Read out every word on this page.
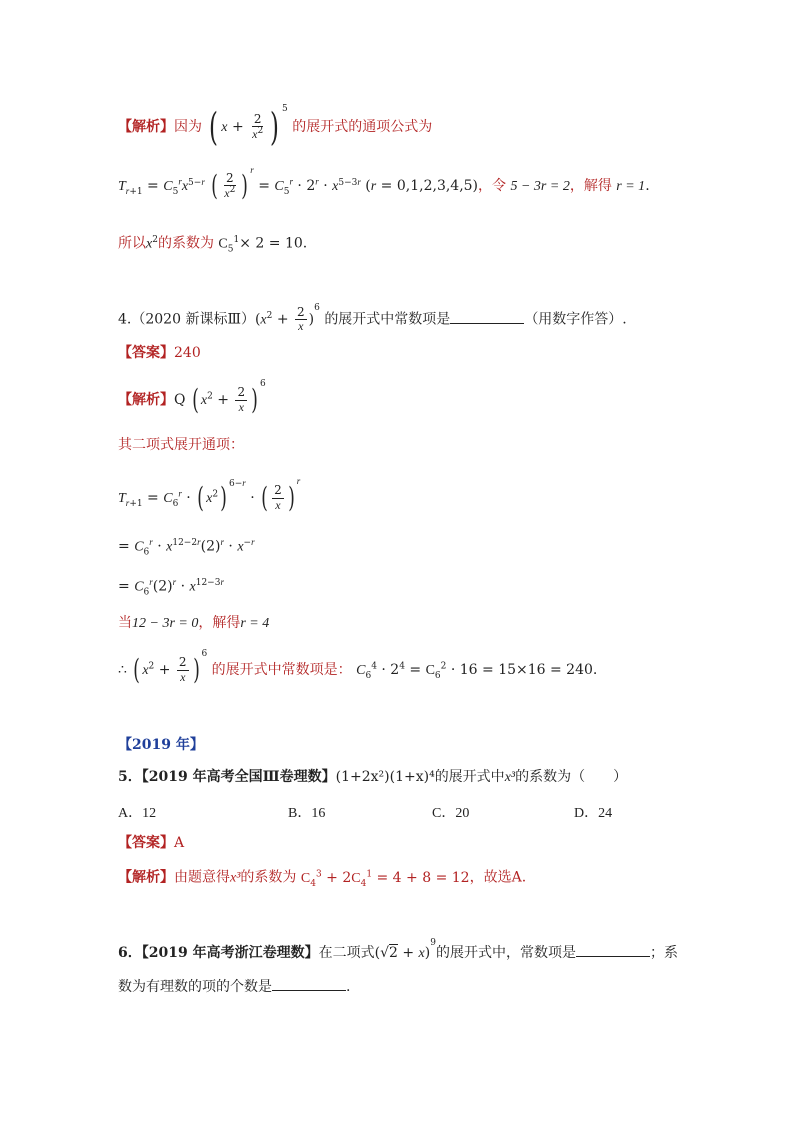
【解析】因为 ( $x + \frac{2}{x^2}$ ) $^5$ 的展开式的通项公式为
$T_{r+1} = C_5^rx^{5-r}$ ( $\frac{2}{x^2}$ ) $^r = C_5^r \cdot 2^r \cdot x^{5-3r}$ (r = 0,1,2,3,4,5)，令 5 − 3r = 2，解得 r = 1.
所以$x^2$的系数为 $C_5^1\times 2 = 10$.
4.（2020 新课标$Ⅲ)(x^2 + \frac{2}{x} )^6$ 的展开式中常数项是	（用数字作答）.
【答案】240
【解析】Q ( $x^2 + \frac{2}{x}$ ) $^6$
其二项式展开通项：
$T_{r+1} = C_6^r$ · ( $x^2$) $^{6-r}$ · ( $\frac{2}{x}$ ) $^r$
= $C_6^r \cdot x^{12-2r}(2)^r \cdot x^{-r}$
= $C_6^r(2)^r \cdot x^{12-3r}$
当12 − 3r = 0，解得r = 4
∴ ( $x^2 + \frac{2}{x}$ ) $^6$ 的展开式中常数项是： $C_6^4 \cdot 2^4 = C_6^2 \cdot 16 = 15\times 16 = 240$.
【2019 年】
5．【2019 年高考全国Ⅲ卷理数】(1+2x²)(1+x)⁴的展开式中x³的系数为（　　）
A．12	B．16	C．20	D．24
【答案】A
【解析】由题意得x³的系数为 $C_4^3 + 2C_4^1 = 4 + 8 = 12$，故选A.
6．【2019 年高考浙江卷理数】在二项式$(√2 + x)^9$的展开式中，常数项是	；系
数为有理数的项的个数是	.
